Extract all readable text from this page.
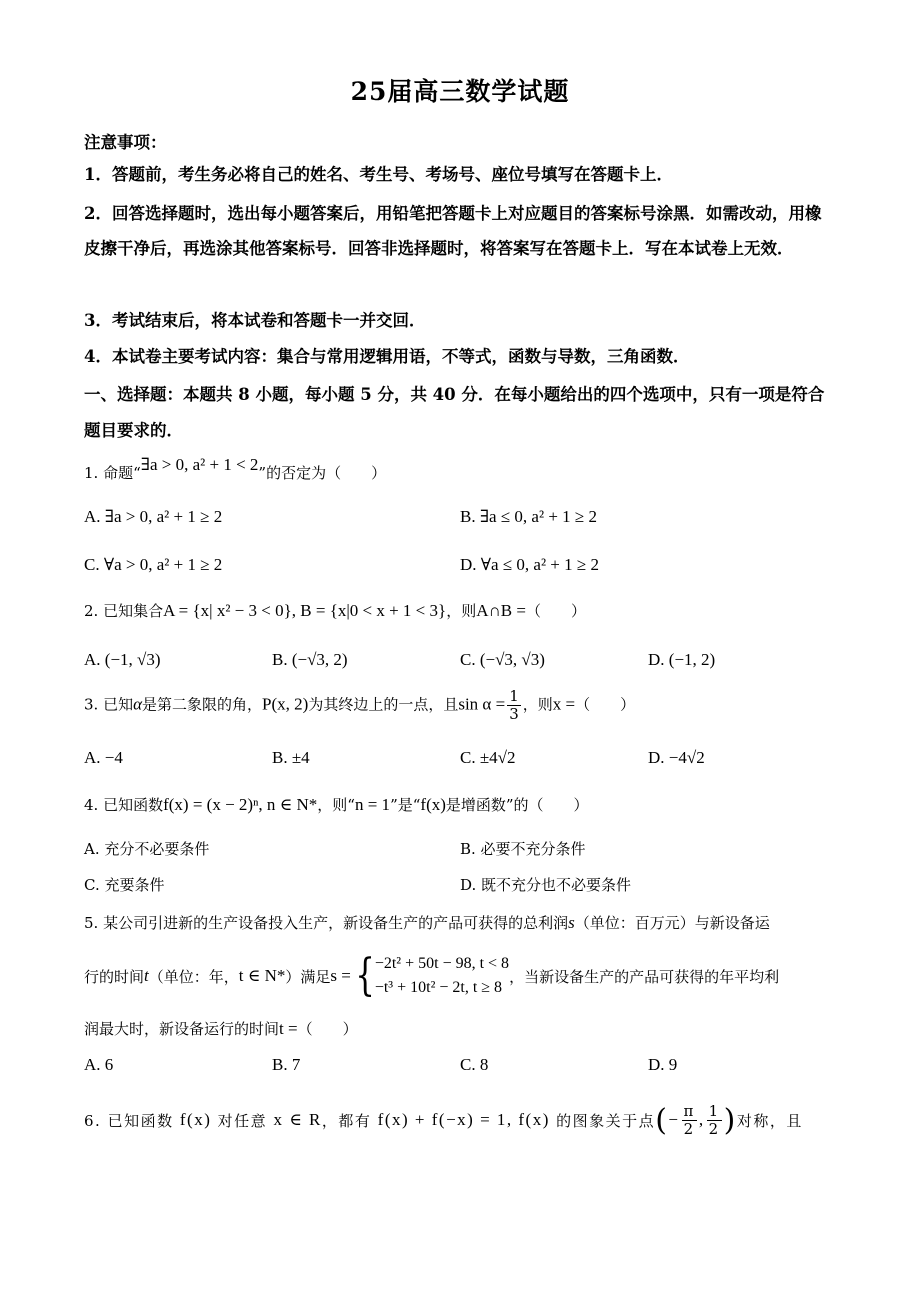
25届高三数学试题
注意事项：
1．答题前，考生务必将自己的姓名、考生号、考场号、座位号填写在答题卡上．
2．回答选择题时，选出每小题答案后，用铅笔把答题卡上对应题目的答案标号涂黑．如需改动，用橡皮擦干净后，再选涂其他答案标号．回答非选择题时，将答案写在答题卡上．写在本试卷上无效．
3．考试结束后，将本试卷和答题卡一并交回．
4．本试卷主要考试内容：集合与常用逻辑用语，不等式，函数与导数，三角函数．
一、选择题：本题共 8 小题，每小题 5 分，共 40 分．在每小题给出的四个选项中，只有一项是符合题目要求的．
1. 命题“∃a > 0, a² + 1 < 2”的否定为（　　）
A. ∃a > 0, a² + 1 ≥ 2	B. ∃a ≤ 0, a² + 1 ≥ 2
C. ∀a > 0, a² + 1 ≥ 2	D. ∀a ≤ 0, a² + 1 ≥ 2
2. 已知集合A = {x| x² − 3 < 0}, B = {x|0 < x + 1 < 3}，则A∩B =（　　）
A. (−1, √3)	B. (−√3, 2)	C. (−√3, √3)	D. (−1, 2)
3. 已知α是第二象限的角，P(x, 2)为其终边上的一点，且$\sin \alpha = \frac{1}{3}$ ，则x =（　　）
A. −4	B. ±4	C. ±4√2	D. −4√2
4. 已知函数f(x) = (x − 2)ⁿ, n ∈ N*，则“n = 1”是“f(x)是增函数”的（　　）
A. 充分不必要条件	B. 必要不充分条件
C. 充要条件	D. 既不充分也不必要条件
5. 某公司引进新的生产设备投入生产，新设备生产的产品可获得的总利润s（单位：百万元）与新设备运
行的时间 t （单位：年， t ∈ N* ）满足 s = { −2t² + 50t − 98, t < 8
−t³ + 10t² − 2t, t ≥ 8
，当新设备生产的产品可获得的年平均利
润最大时，新设备运行的时间t =（　　）
A. 6	B. 7	C. 8	D. 9
6. 已知函数
f(x)
对任意
x ∈ R ，都有
f(x) + f(−x) = 1, f(x)
的图象关于点 ( − $\frac{\pi}{2}$ , $\frac{1}{2}$ ) 对称，且
